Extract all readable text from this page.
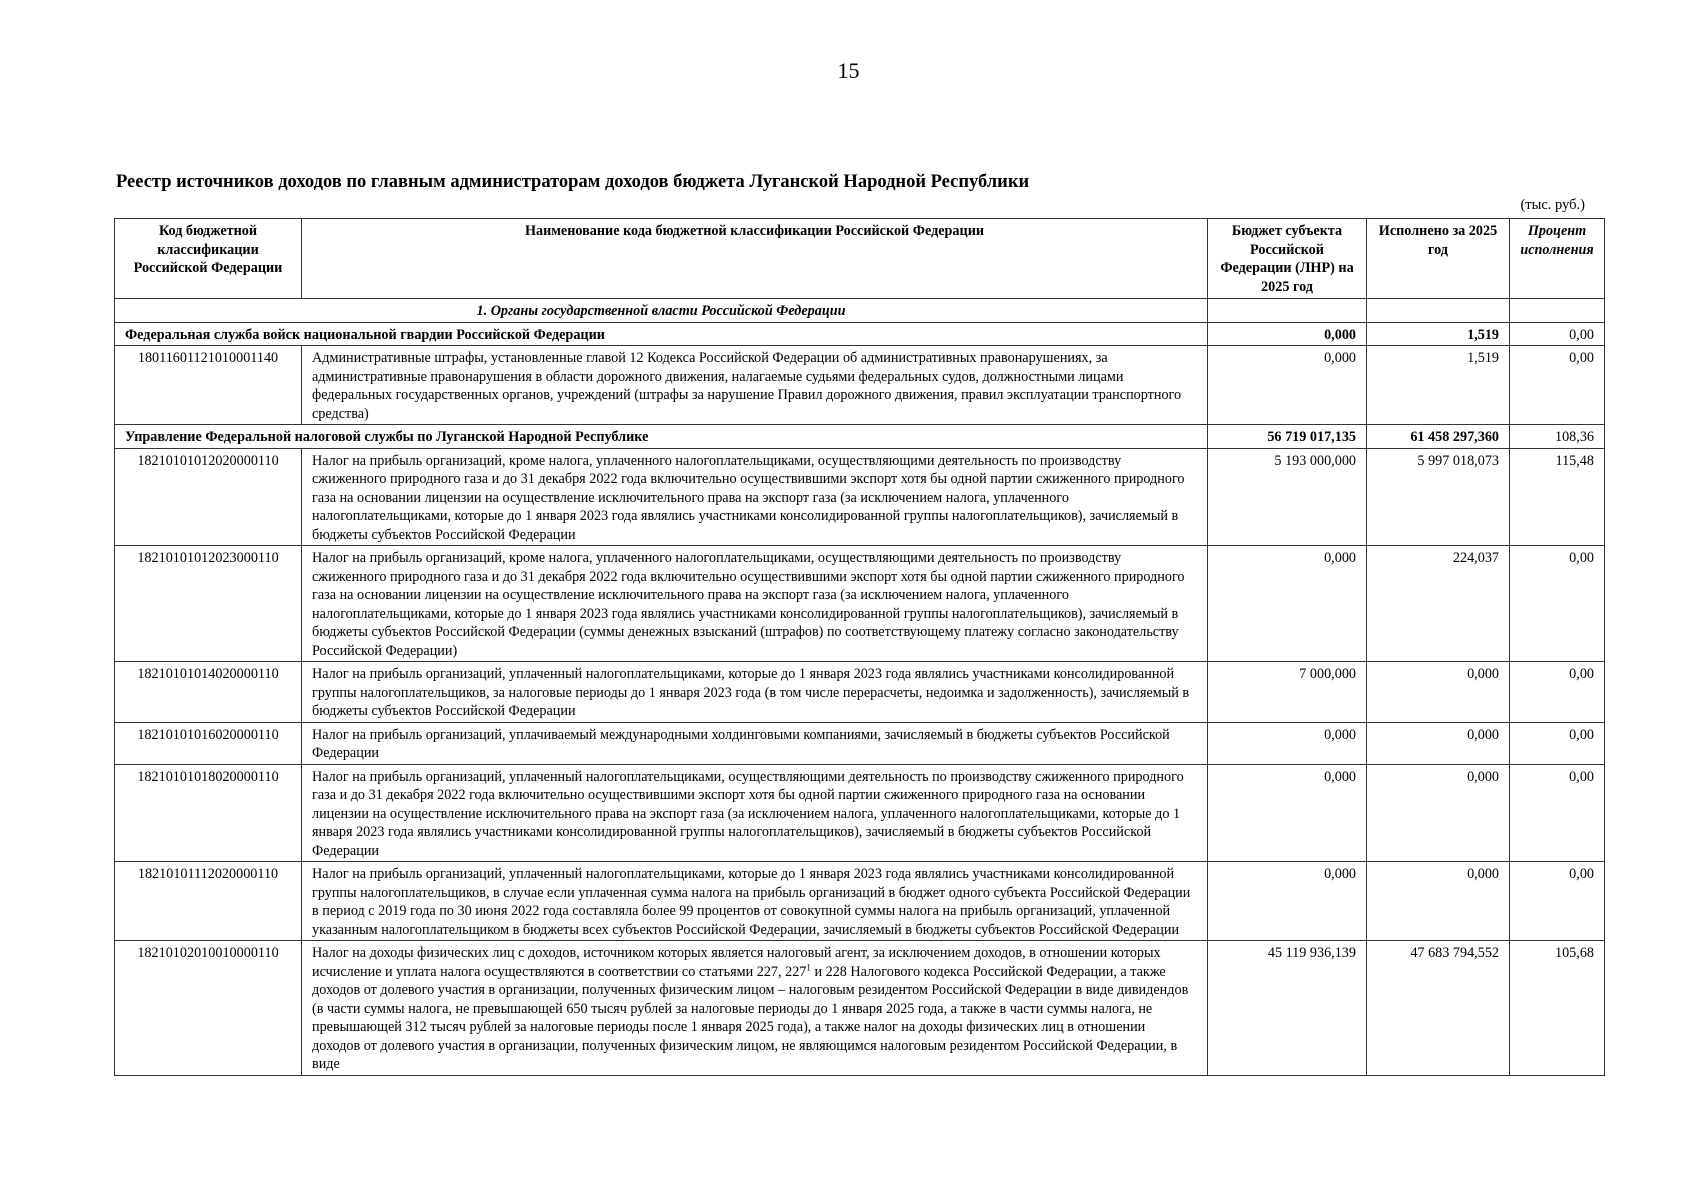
15
Реестр источников доходов по главным администраторам доходов бюджета Луганской Народной Республики
(тыс. руб.)
Код бюджетной классификации Российской Федерации	Наименование кода бюджетной классификации Российской Федерации	Бюджет субъекта Российской Федерации (ЛНР) на 2025 год	Исполнено за 2025 год	Процент исполнения
1. Органы государственной власти Российской Федерации				
Федеральная служба войск национальной гвардии Российской Федерации		0,000	1,519	0,00
18011601121010001140	Административные штрафы, установленные главой 12 Кодекса Российской Федерации об административных правонарушениях, за административные правонарушения в области дорожного движения, налагаемые судьями федеральных судов, должностными лицами федеральных государственных органов, учреждений (штрафы за нарушение Правил дорожного движения, правил эксплуатации транспортного средства)	0,000	1,519	0,00
Управление Федеральной налоговой службы по Луганской Народной Республике		56 719 017,135	61 458 297,360	108,36
18210101012020000110	Налог на прибыль организаций, кроме налога, уплаченного налогоплательщиками, осуществляющими деятельность по производству сжиженного природного газа и до 31 декабря 2022 года включительно осуществившими экспорт хотя бы одной партии сжиженного природного газа на основании лицензии на осуществление исключительного права на экспорт газа (за исключением налога, уплаченного налогоплательщиками, которые до 1 января 2023 года являлись участниками консолидированной группы налогоплательщиков), зачисляемый в бюджеты субъектов Российской Федерации	5 193 000,000	5 997 018,073	115,48
18210101012023000110	Налог на прибыль организаций, кроме налога, уплаченного налогоплательщиками, осуществляющими деятельность по производству сжиженного природного газа и до 31 декабря 2022 года включительно осуществившими экспорт хотя бы одной партии сжиженного природного газа на основании лицензии на осуществление исключительного права на экспорт газа (за исключением налога, уплаченного налогоплательщиками, которые до 1 января 2023 года являлись участниками консолидированной группы налогоплательщиков), зачисляемый в бюджеты субъектов Российской Федерации (суммы денежных взысканий (штрафов) по соответствующему платежу согласно законодательству Российской Федерации)	0,000	224,037	0,00
18210101014020000110	Налог на прибыль организаций, уплаченный налогоплательщиками, которые до 1 января 2023 года являлись участниками консолидированной группы налогоплательщиков, за налоговые периоды до 1 января 2023 года (в том числе перерасчеты, недоимка и задолженность), зачисляемый в бюджеты субъектов Российской Федерации	7 000,000	0,000	0,00
18210101016020000110	Налог на прибыль организаций, уплачиваемый международными холдинговыми компаниями, зачисляемый в бюджеты субъектов Российской Федерации	0,000	0,000	0,00
18210101018020000110	Налог на прибыль организаций, уплаченный налогоплательщиками, осуществляющими деятельность по производству сжиженного природного газа и до 31 декабря 2022 года включительно осуществившими экспорт хотя бы одной партии сжиженного природного газа на основании лицензии на осуществление исключительного права на экспорт газа (за исключением налога, уплаченного налогоплательщиками, которые до 1 января 2023 года являлись участниками консолидированной группы налогоплательщиков), зачисляемый в бюджеты субъектов Российской Федерации	0,000	0,000	0,00
18210101112020000110	Налог на прибыль организаций, уплаченный налогоплательщиками, которые до 1 января 2023 года являлись участниками консолидированной группы налогоплательщиков, в случае если уплаченная сумма налога на прибыль организаций в бюджет одного субъекта Российской Федерации в период с 2019 года по 30 июня 2022 года составляла более 99 процентов от совокупной суммы налога на прибыль организаций, уплаченной указанным налогоплательщиком в бюджеты всех субъектов Российской Федерации, зачисляемый в бюджеты субъектов Российской Федерации	0,000	0,000	0,00
18210102010010000110	Налог на доходы физических лиц с доходов, источником которых является налоговый агент, за исключением доходов, в отношении которых исчисление и уплата налога осуществляются в соответствии со статьями 227, $227^1$ и 228 Налогового кодекса Российской Федерации, а также доходов от долевого участия в организации, полученных физическим лицом – налоговым резидентом Российской Федерации в виде дивидендов (в части суммы налога, не превышающей 650 тысяч рублей за налоговые периоды до 1 января 2025 года, а также в части суммы налога, не превышающей 312 тысяч рублей за налоговые периоды после 1 января 2025 года), а также налог на доходы физических лиц в отношении доходов от долевого участия в организации, полученных физическим лицом, не являющимся налоговым резидентом Российской Федерации, в виде	45 119 936,139	47 683 794,552	105,68
